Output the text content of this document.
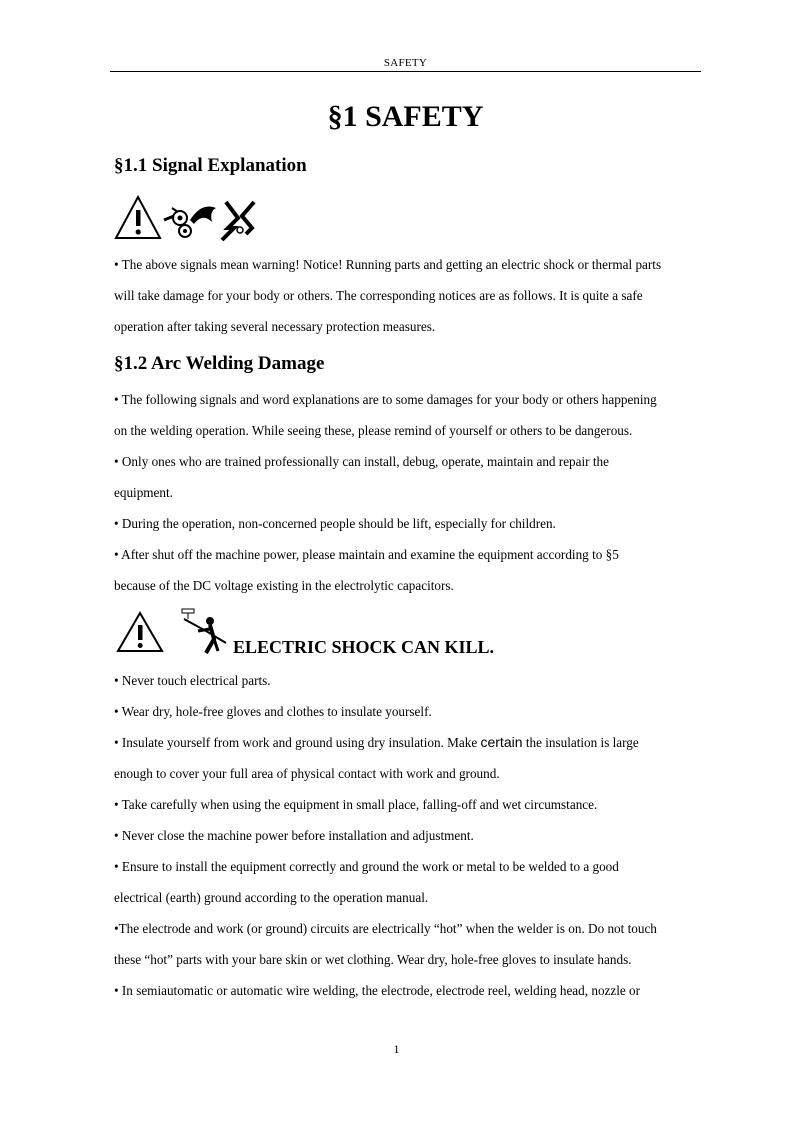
SAFETY
§1 SAFETY
§1.1 Signal Explanation
• The above signals mean warning! Notice! Running parts and getting an electric shock or thermal parts
will take damage for your body or others. The corresponding notices are as follows. It is quite a safe
operation after taking several necessary protection measures.
§1.2 Arc Welding Damage
• The following signals and word explanations are to some damages for your body or others happening
on the welding operation. While seeing these, please remind of yourself or others to be dangerous.
• Only ones who are trained professionally can install, debug, operate, maintain and repair the
equipment.
• During the operation, non-concerned people should be lift, especially for children.
• After shut off the machine power, please maintain and examine the equipment according to §5
because of the DC voltage existing in the electrolytic capacitors.
ELECTRIC SHOCK CAN KILL.
• Never touch electrical parts.
• Wear dry, hole-free gloves and clothes to insulate yourself.
• Insulate yourself from work and ground using dry insulation. Make certain the insulation is large
enough to cover your full area of physical contact with work and ground.
• Take carefully when using the equipment in small place, falling-off and wet circumstance.
• Never close the machine power before installation and adjustment.
• Ensure to install the equipment correctly and ground the work or metal to be welded to a good
electrical (earth) ground according to the operation manual.
•The electrode and work (or ground) circuits are electrically “hot” when the welder is on. Do not touch
these “hot” parts with your bare skin or wet clothing. Wear dry, hole-free gloves to insulate hands.
• In semiautomatic or automatic wire welding, the electrode, electrode reel, welding head, nozzle or
1
